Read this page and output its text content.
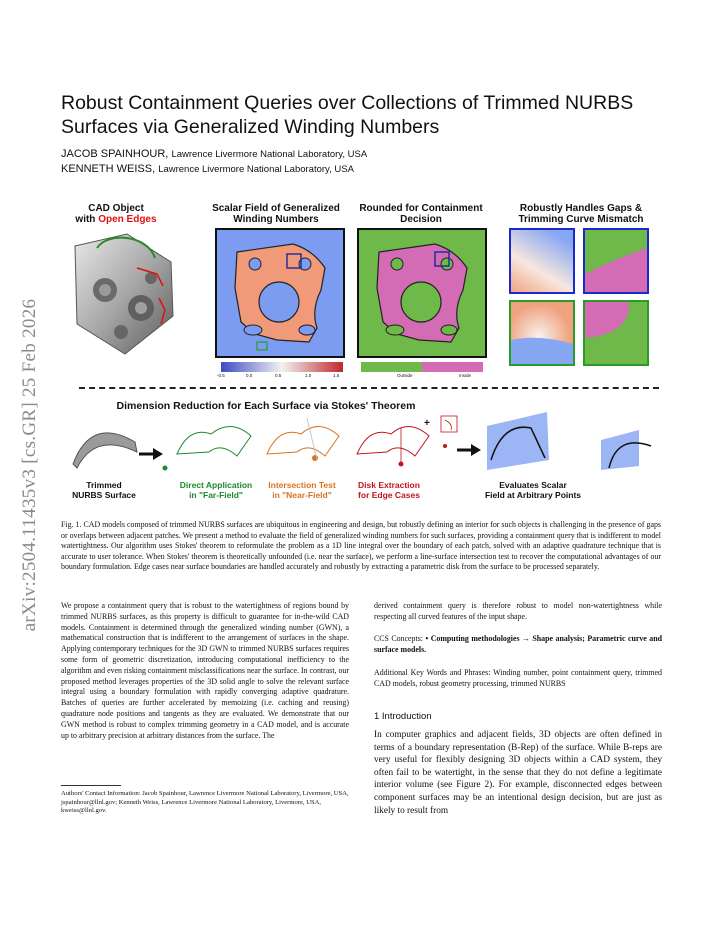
arXiv:2504.11435v3 [cs.GR] 25 Feb 2026
Robust Containment Queries over Collections of Trimmed NURBS Surfaces via Generalized Winding Numbers
JACOB SPAINHOUR, Lawrence Livermore National Laboratory, USA
KENNETH WEISS, Lawrence Livermore National Laboratory, USA
CAD Object
with Open Edges
Scalar Field of Generalized Winding Numbers
Rounded for Containment Decision
Robustly Handles Gaps & Trimming Curve Mismatch
-0.5	0.0	0.5	1.0	1.5	Outside	Inside
Dimension Reduction for Each Surface via Stokes' Theorem
+
Trimmed
NURBS Surface
Direct Application
in "Far-Field"
Intersection Test
in "Near-Field"
Disk Extraction
for Edge Cases
Evaluates Scalar
Field at Arbitrary Points
Fig. 1. CAD models composed of trimmed NURBS surfaces are ubiquitous in engineering and design, but robustly defining an interior for such objects is challenging in the presence of gaps or overlaps between adjacent patches. We present a method to evaluate the field of generalized winding numbers for such surfaces, providing a containment query that is indifferent to model watertightness. Our algorithm uses Stokes' theorem to reformulate the problem as a 1D line integral over the boundary of each patch, solved with an adaptive quadrature technique that is accurate to user tolerance. When Stokes' theorem is theoretically unfounded (i.e. near the surface), we perform a line-surface intersection test to recover the computational advantages of our boundary formulation. Edge cases near surface boundaries are handled accurately and robustly by extracting a parametric disk from the surface to be processed separately.
We propose a containment query that is robust to the watertightness of regions bound by trimmed NURBS surfaces, as this property is difficult to guarantee for in-the-wild CAD models. Containment is determined through the generalized winding number (GWN), a mathematical construction that is indifferent to the arrangement of surfaces in the shape. Applying contemporary techniques for the 3D GWN to trimmed NURBS surfaces requires some form of geometric discretization, introducing computational inefficiency to the algorithm and even risking containment misclassifications near the surface. In contrast, our proposed method leverages properties of the 3D solid angle to solve the relevant surface integral using a boundary formulation with rapidly converging adaptive quadrature. Batches of queries are further accelerated by memoizing (i.e. caching and reusing) quadrature node positions and tangents as they are evaluated. We demonstrate that our GWN method is robust to complex trimming geometry in a CAD model, and is accurate up to arbitrary precision at arbitrary distances from the surface. The
Authors' Contact Information: Jacob Spainhour, Lawrence Livermore National Laboratory, Livermore, USA, jspainhour@llnl.gov; Kenneth Weiss, Lawrence Livermore National Laboratory, Livermore, USA, kweiss@llnl.gov.
derived containment query is therefore robust to model non-watertightness while respecting all curved features of the input shape.
CCS Concepts: • Computing methodologies → Shape analysis; Parametric curve and surface models.
Additional Key Words and Phrases: Winding number, point containment query, trimmed CAD models, robust geometry processing, trimmed NURBS
1 Introduction
In computer graphics and adjacent fields, 3D objects are often defined in terms of a boundary representation (B-Rep) of the surface. While B-reps are very useful for flexibly designing 3D objects within a CAD system, they often fail to be watertight, in the sense that they do not define a legitimate interior volume (see Figure 2). For example, disconnected edges between component surfaces may be an intentional design decision, but are just as likely to result from
